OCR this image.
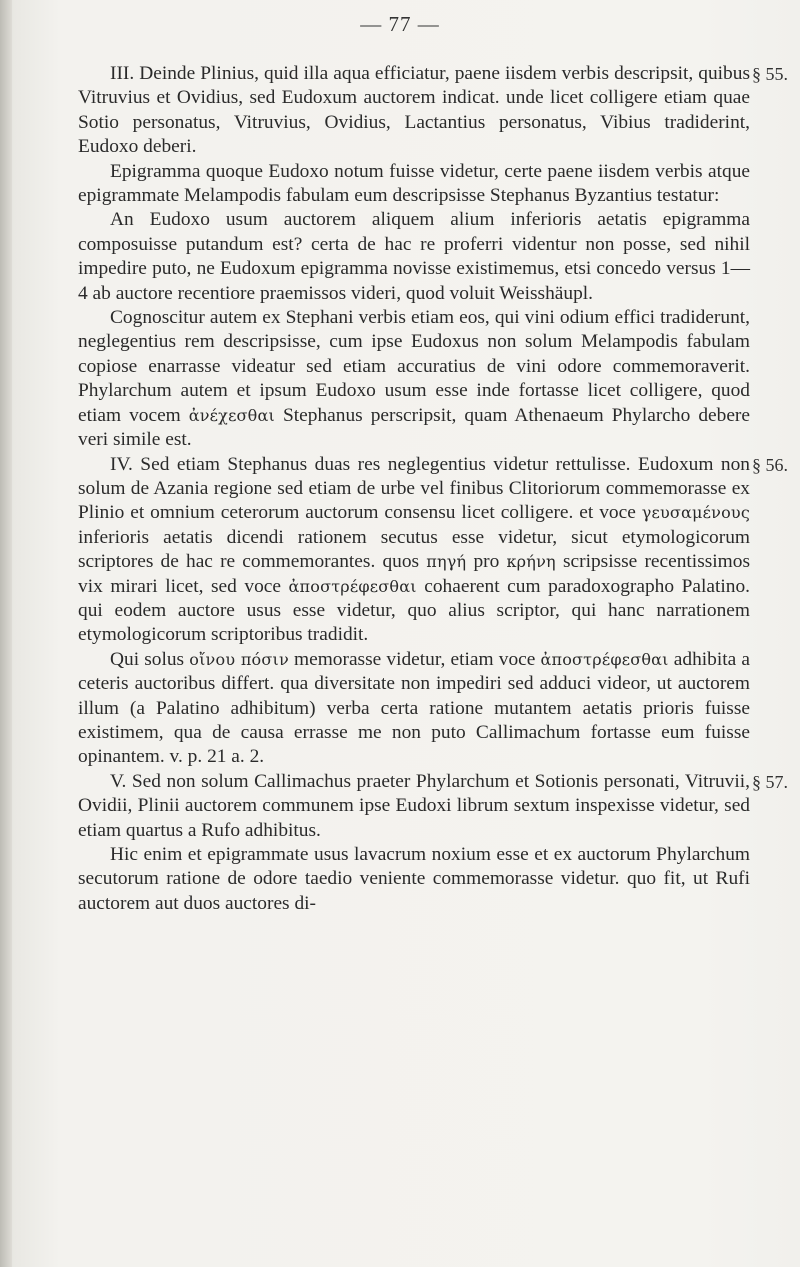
— 77 —

§ 55.
III. Deinde Plinius, quid illa aqua efficiatur, paene iisdem verbis descripsit, quibus Vitruvius et Ovidius, sed Eudoxum auctorem indicat. unde licet colligere etiam quae Sotio personatus, Vitruvius, Ovidius, Lactantius personatus, Vibius tradiderint, Eudoxo deberi.

Epigramma quoque Eudoxo notum fuisse videtur, certe paene iisdem verbis atque epigrammate Melampodis fabulam eum descripsisse Stephanus Byzantius testatur:

An Eudoxo usum auctorem aliquem alium inferioris aetatis epigramma composuisse putandum est? certa de hac re proferri videntur non posse, sed nihil impedire puto, ne Eudoxum epigramma novisse existimemus, etsi concedo versus 1—4 ab auctore recentiore praemissos videri, quod voluit Weisshäupl.

Cognoscitur autem ex Stephani verbis etiam eos, qui vini odium effici tradiderunt, neglegentius rem descripsisse, cum ipse Eudoxus non solum Melampodis fabulam copiose enarrasse videatur sed etiam accuratius de vini odore commemoraverit. Phylarchum autem et ipsum Eudoxo usum esse inde fortasse licet colligere, quod etiam vocem ἀνέχεσθαι Stephanus perscripsit, quam Athenaeum Phylarcho debere veri simile est.

§ 56.
IV. Sed etiam Stephanus duas res neglegentius videtur rettulisse. Eudoxum non solum de Azania regione sed etiam de urbe vel finibus Clitoriorum commemorasse ex Plinio et omnium ceterorum auctorum consensu licet colligere. et voce γευσαμένους inferioris aetatis dicendi rationem secutus esse videtur, sicut etymologicorum scriptores de hac re commemorantes. quos πηγή pro κρήνη scripsisse recentissimos vix mirari licet, sed voce ἀποστρέφεσθαι cohaerent cum paradoxographo Palatino. qui eodem auctore usus esse videtur, quo alius scriptor, qui hanc narrationem etymologicorum scriptoribus tradidit.

Qui solus οἴνου πόσιν memorasse videtur, etiam voce ἀποστρέφεσθαι adhibita a ceteris auctoribus differt. qua diversitate non impediri sed adduci videor, ut auctorem illum (a Palatino adhibitum) verba certa ratione mutantem aetatis prioris fuisse existimem, qua de causa errasse me non puto Callimachum fortasse eum fuisse opinantem. v. p. 21 a. 2.

§ 57.
V. Sed non solum Callimachus praeter Phylarchum et Sotionis personati, Vitruvii, Ovidii, Plinii auctorem communem ipse Eudoxi librum sextum inspexisse videtur, sed etiam quartus a Rufo adhibitus.

Hic enim et epigrammate usus lavacrum noxium esse et ex auctorum Phylarchum secutorum ratione de odore taedio veniente commemorasse videtur. quo fit, ut Rufi auctorem aut duos auctores di-
